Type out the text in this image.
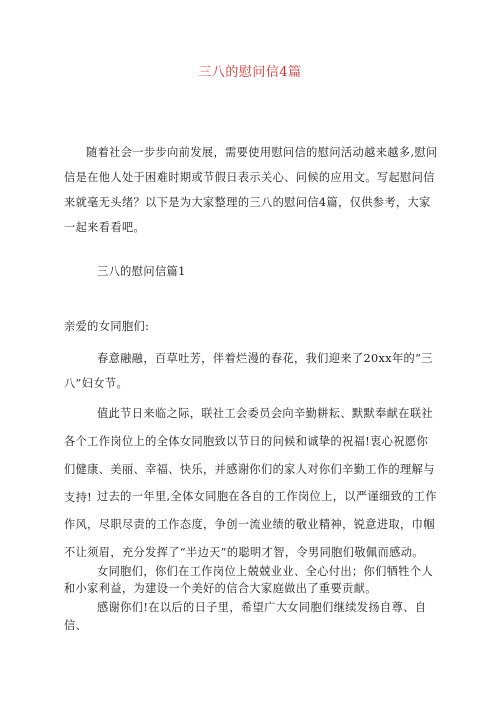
三八的慰问信4篇
随着社会一步步向前发展，需要使用慰问信的慰问活动越来越多,慰问信是在他人处于困难时期或节假日表示关心、问候的应用文。写起慰问信来就毫无头绪？以下是为大家整理的三八的慰问信4篇，仅供参考，大家一起来看看吧。
三八的慰问信篇1
亲爱的女同胞们:
春意融融，百草吐芳，伴着烂漫的春花，我们迎来了20xx年的“三八”妇女节。
值此节日来临之际，联社工会委员会向辛勤耕耘、默默奉献在联社各个工作岗位上的全体女同胞致以节日的问候和诚挚的祝福!衷心祝愿你们健康、美丽、幸福、快乐，并感谢你们的家人对你们辛勤工作的理解与支持! 过去的一年里,全体女同胞在各自的工作岗位上，以严谨细致的工作作风，尽职尽责的工作态度，争创一流业绩的敬业精神，锐意进取，巾帼不让须眉，充分发挥了“半边天”的聪明才智，令男同胞们敬佩而感动。
女同胞们，你们在工作岗位上兢兢业业、全心付出；你们牺牲个人和小家利益，为建设一个美好的信合大家庭做出了重要贡献。
感谢你们!在以后的日子里，希望广大女同胞们继续发扬自尊、自信、
